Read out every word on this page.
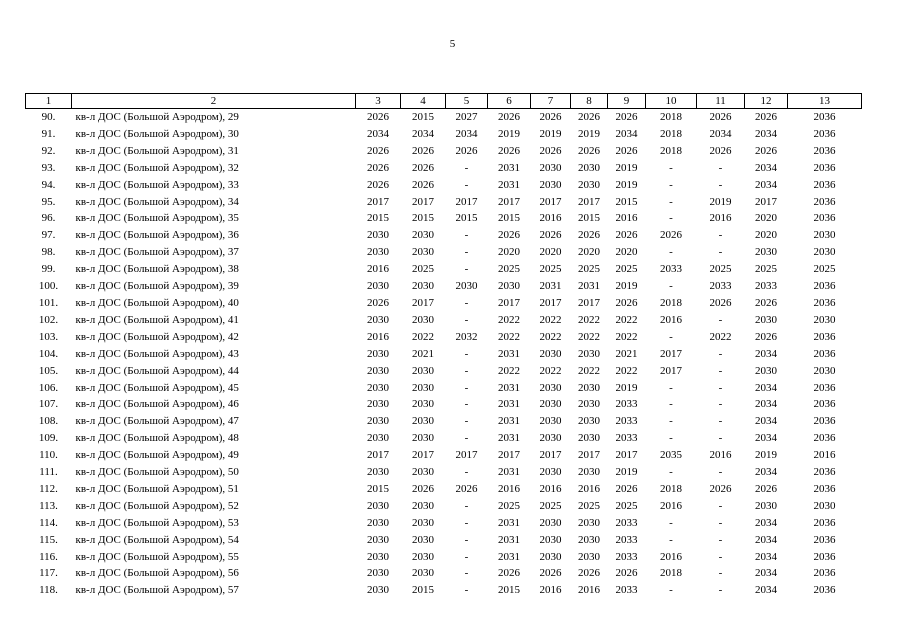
5
1	2	3	4	5	6	7	8	9	10	11	12	13
90.	кв-л ДОС (Большой Аэродром), 29	2026	2015	2027	2026	2026	2026	2026	2018	2026	2026	2036
91.	кв-л ДОС (Большой Аэродром), 30	2034	2034	2034	2019	2019	2019	2034	2018	2034	2034	2036
92.	кв-л ДОС (Большой Аэродром), 31	2026	2026	2026	2026	2026	2026	2026	2018	2026	2026	2036
93.	кв-л ДОС (Большой Аэродром), 32	2026	2026	-	2031	2030	2030	2019	-	-	2034	2036
94.	кв-л ДОС (Большой Аэродром), 33	2026	2026	-	2031	2030	2030	2019	-	-	2034	2036
95.	кв-л ДОС (Большой Аэродром), 34	2017	2017	2017	2017	2017	2017	2015	-	2019	2017	2036
96.	кв-л ДОС (Большой Аэродром), 35	2015	2015	2015	2015	2016	2015	2016	-	2016	2020	2036
97.	кв-л ДОС (Большой Аэродром), 36	2030	2030	-	2026	2026	2026	2026	2026	-	2020	2030
98.	кв-л ДОС (Большой Аэродром), 37	2030	2030	-	2020	2020	2020	2020	-	-	2030	2030
99.	кв-л ДОС (Большой Аэродром), 38	2016	2025	-	2025	2025	2025	2025	2033	2025	2025	2025
100.	кв-л ДОС (Большой Аэродром), 39	2030	2030	2030	2030	2031	2031	2019	-	2033	2033	2036
101.	кв-л ДОС (Большой Аэродром), 40	2026	2017	-	2017	2017	2017	2026	2018	2026	2026	2036
102.	кв-л ДОС (Большой Аэродром), 41	2030	2030	-	2022	2022	2022	2022	2016	-	2030	2030
103.	кв-л ДОС (Большой Аэродром), 42	2016	2022	2032	2022	2022	2022	2022	-	2022	2026	2036
104.	кв-л ДОС (Большой Аэродром), 43	2030	2021	-	2031	2030	2030	2021	2017	-	2034	2036
105.	кв-л ДОС (Большой Аэродром), 44	2030	2030	-	2022	2022	2022	2022	2017	-	2030	2030
106.	кв-л ДОС (Большой Аэродром), 45	2030	2030	-	2031	2030	2030	2019	-	-	2034	2036
107.	кв-л ДОС (Большой Аэродром), 46	2030	2030	-	2031	2030	2030	2033	-	-	2034	2036
108.	кв-л ДОС (Большой Аэродром), 47	2030	2030	-	2031	2030	2030	2033	-	-	2034	2036
109.	кв-л ДОС (Большой Аэродром), 48	2030	2030	-	2031	2030	2030	2033	-	-	2034	2036
110.	кв-л ДОС (Большой Аэродром), 49	2017	2017	2017	2017	2017	2017	2017	2035	2016	2019	2016
111.	кв-л ДОС (Большой Аэродром), 50	2030	2030	-	2031	2030	2030	2019	-	-	2034	2036
112.	кв-л ДОС (Большой Аэродром), 51	2015	2026	2026	2016	2016	2016	2026	2018	2026	2026	2036
113.	кв-л ДОС (Большой Аэродром), 52	2030	2030	-	2025	2025	2025	2025	2016	-	2030	2030
114.	кв-л ДОС (Большой Аэродром), 53	2030	2030	-	2031	2030	2030	2033	-	-	2034	2036
115.	кв-л ДОС (Большой Аэродром), 54	2030	2030	-	2031	2030	2030	2033	-	-	2034	2036
116.	кв-л ДОС (Большой Аэродром), 55	2030	2030	-	2031	2030	2030	2033	2016	-	2034	2036
117.	кв-л ДОС (Большой Аэродром), 56	2030	2030	-	2026	2026	2026	2026	2018	-	2034	2036
118.	кв-л ДОС (Большой Аэродром), 57	2030	2015	-	2015	2016	2016	2033	-	-	2034	2036
